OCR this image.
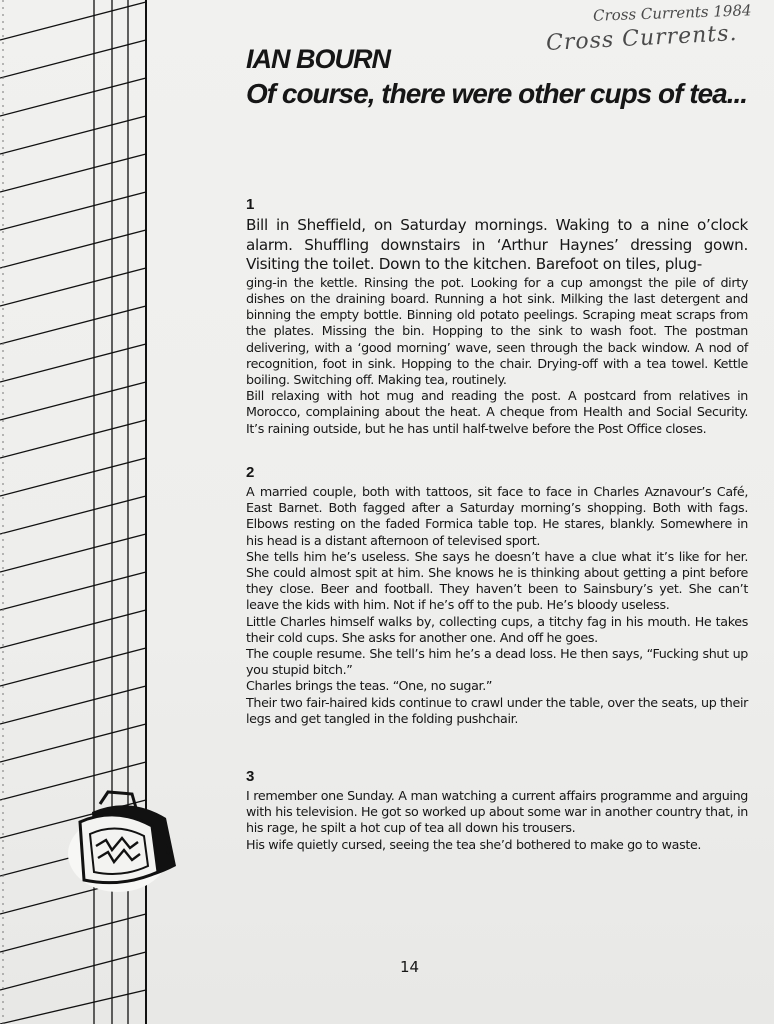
Cross Currents 1984
Cross Currents.
IAN BOURN
Of course, there were other cups of tea...

1

Bill in Sheffield, on Saturday mornings. Waking to a nine o’clock alarm. Shuffling downstairs in ‘Arthur Haynes’ dressing gown. Visiting the toilet. Down to the kitchen. Barefoot on tiles, plug-

ging-in the kettle. Rinsing the pot. Looking for a cup amongst the pile of dirty dishes on the draining board. Running a hot sink. Milking the last detergent and binning the empty bottle. Binning old potato peelings. Scraping meat scraps from the plates. Missing the bin. Hopping to the sink to wash foot. The postman delivering, with a ‘good morning’ wave, seen through the back window. A nod of recognition, foot in sink. Hopping to the chair. Drying-off with a tea towel. Kettle boiling. Switching off. Making tea, routinely.

Bill relaxing with hot mug and reading the post. A postcard from relatives in Morocco, complaining about the heat. A cheque from Health and Social Security. It’s raining outside, but he has until half-twelve before the Post Office closes.

2

A married couple, both with tattoos, sit face to face in Charles Aznavour’s Café, East Barnet. Both fagged after a Saturday morning’s shopping. Both with fags. Elbows resting on the faded Formica table top. He stares, blankly. Somewhere in his head is a distant afternoon of televised sport.

She tells him he’s useless. She says he doesn’t have a clue what it’s like for her. She could almost spit at him. She knows he is thinking about getting a pint before they close. Beer and football. They haven’t been to Sainsbury’s yet. She can’t leave the kids with him. Not if he’s off to the pub. He’s bloody useless.

Little Charles himself walks by, collecting cups, a titchy fag in his mouth. He takes their cold cups. She asks for another one. And off he goes.

The couple resume. She tell’s him he’s a dead loss. He then says, “Fucking shut up you stupid bitch.”

Charles brings the teas. “One, no sugar.”

Their two fair-haired kids continue to crawl under the table, over the seats, up their legs and get tangled in the folding pushchair.

3

I remember one Sunday. A man watching a current affairs programme and arguing with his television. He got so worked up about some war in another country that, in his rage, he spilt a hot cup of tea all down his trousers.

His wife quietly cursed, seeing the tea she’d bothered to make go to waste.

14
